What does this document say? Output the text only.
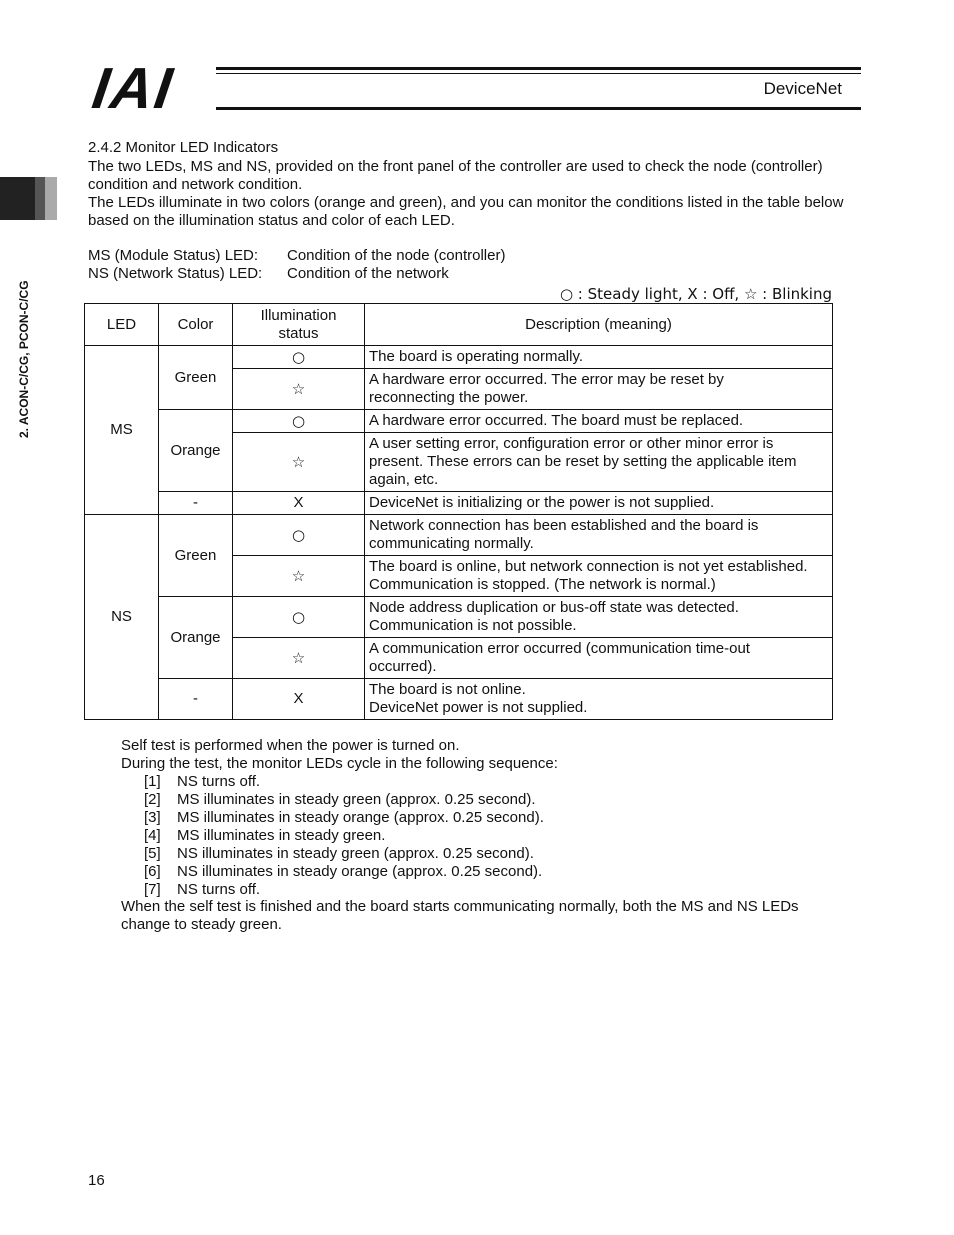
IAI	DeviceNet
2. ACON-C/CG, PCON-C/CG
2.4.2 Monitor LED Indicators
The two LEDs, MS and NS, provided on the front panel of the controller are used to check the node (controller)
condition and network condition.
The LEDs illuminate in two colors (orange and green), and you can monitor the conditions listed in the table below
based on the illumination status and color of each LED.
MS (Module Status) LED: Condition of the node (controller)
NS (Network Status) LED: Condition of the network
○ : Steady light, X : Off, ☆ : Blinking
LED	Color	Illumination
status	Description (meaning)
MS	Green	○	The board is operating normally.
		☆	A hardware error occurred. The error may be reset by
reconnecting the power.
	Orange	○	A hardware error occurred. The board must be replaced.
		☆	A user setting error, configuration error or other minor error is
present. These errors can be reset by setting the applicable item
again, etc.
	-	X	DeviceNet is initializing or the power is not supplied.
NS	Green	○	Network connection has been established and the board is
communicating normally.
		☆	The board is online, but network connection is not yet established.
Communication is stopped. (The network is normal.)
	Orange	○	Node address duplication or bus-off state was detected.
Communication is not possible.
		☆	A communication error occurred (communication time-out
occurred).
	-	X	The board is not online.
DeviceNet power is not supplied.
Self test is performed when the power is turned on.
During the test, the monitor LEDs cycle in the following sequence:
[1] NS turns off.
[2] MS illuminates in steady green (approx. 0.25 second).
[3] MS illuminates in steady orange (approx. 0.25 second).
[4] MS illuminates in steady green.
[5] NS illuminates in steady green (approx. 0.25 second).
[6] NS illuminates in steady orange (approx. 0.25 second).
[7] NS turns off.
When the self test is finished and the board starts communicating normally, both the MS and NS LEDs
change to steady green.
16
